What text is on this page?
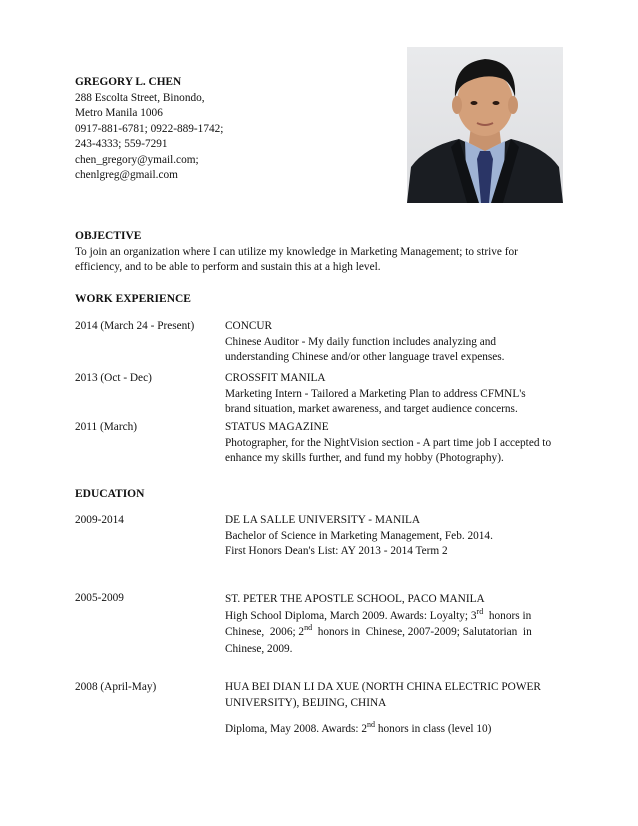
GREGORY L. CHEN
288 Escolta Street, Binondo,
Metro Manila 1006
0917-881-6781; 0922-889-1742;
243-4333; 559-7291
chen_gregory@ymail.com;
chenlgreg@gmail.com
OBJECTIVE
To join an organization where I can utilize my knowledge in Marketing Management; to strive for
efficiency, and to be able to perform and sustain this at a high level.
WORK EXPERIENCE
2014 (March 24 - Present)	CONCUR
Chinese Auditor - My daily function includes analyzing and
understanding Chinese and/or other language travel expenses.
2013 (Oct - Dec)	CROSSFIT MANILA
Marketing Intern - Tailored a Marketing Plan to address CFMNL's
brand situation, market awareness, and target audience concerns.
2011 (March)	STATUS MAGAZINE
Photographer, for the NightVision section - A part time job I accepted to
enhance my skills further, and fund my hobby (Photography).
EDUCATION
2009-2014	DE LA SALLE UNIVERSITY - MANILA
Bachelor of Science in Marketing Management, Feb. 2014.
First Honors Dean's List: AY 2013 - 2014 Term 2
2005-2009	ST. PETER THE APOSTLE SCHOOL, PACO MANILA
High School Diploma, March 2009. Awards: Loyalty; 3rd  honors in
Chinese,  2006; 2nd  honors in  Chinese, 2007-2009; Salutatorian  in
Chinese, 2009.
2008 (April-May)	HUA BEI DIAN LI DA XUE (NORTH CHINA ELECTRIC POWER
UNIVERSITY), BEIJING, CHINA
Diploma, May 2008. Awards: 2nd honors in class (level 10)
